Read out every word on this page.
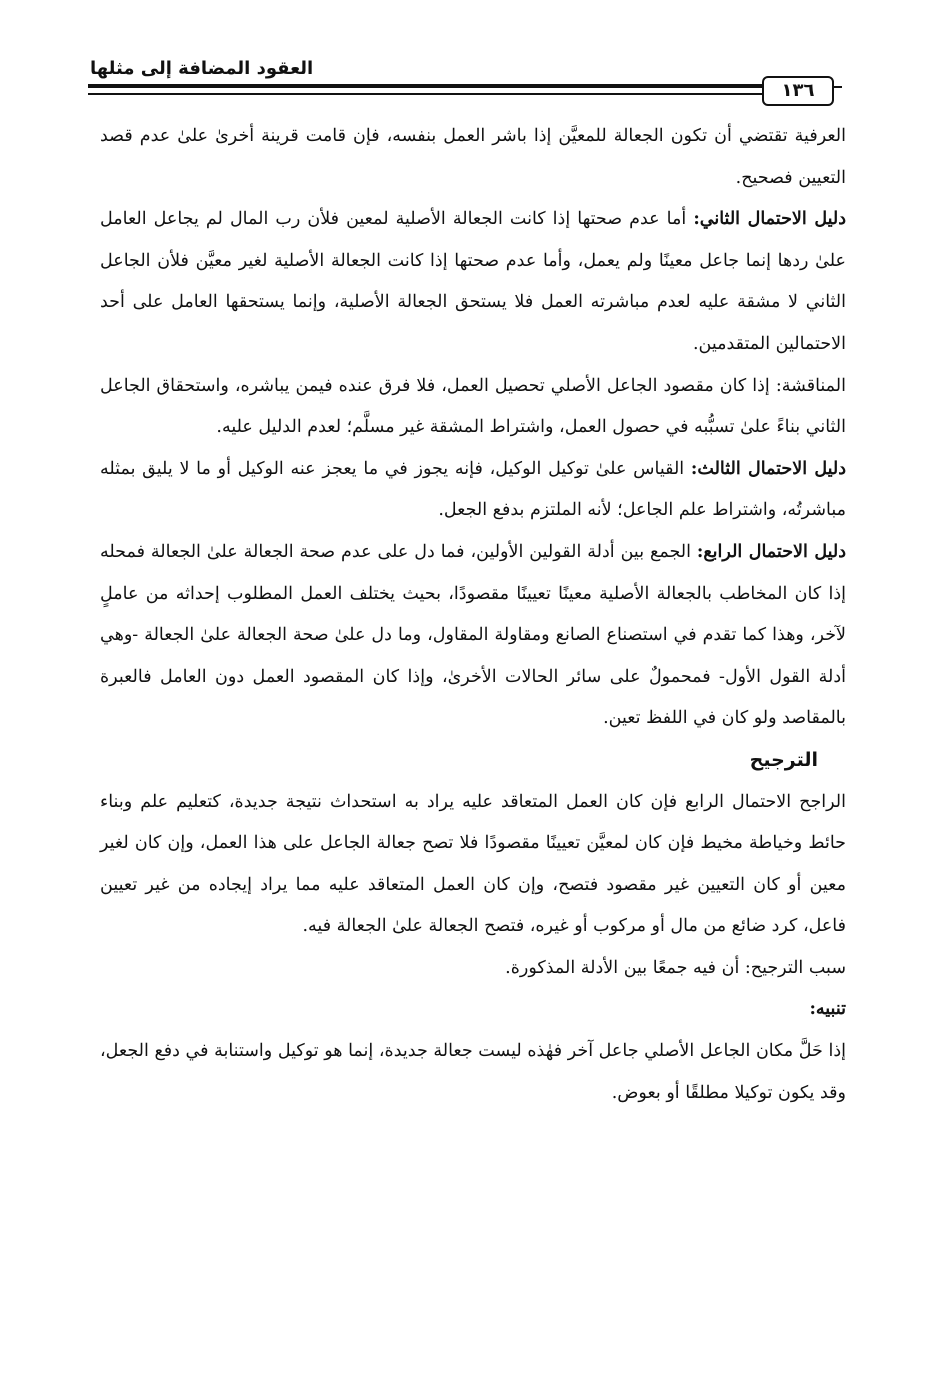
العقود المضافة إلى مثلها
١٣٦

العرفية تقتضي أن تكون الجعالة للمعيَّن إذا باشر العمل بنفسه، فإن قامت قرينة أخرىٰ علىٰ عدم قصد التعيين فصحيح.

دليل الاحتمال الثاني: أما عدم صحتها إذا كانت الجعالة الأصلية لمعين فلأن رب المال لم يجاعل العامل علىٰ ردها إنما جاعل معينًا ولم يعمل، وأما عدم صحتها إذا كانت الجعالة الأصلية لغير معيَّن فلأن الجاعل الثاني لا مشقة عليه لعدم مباشرته العمل فلا يستحق الجعالة الأصلية، وإنما يستحقها العامل على أحد الاحتمالين المتقدمين.

المناقشة: إذا كان مقصود الجاعل الأصلي تحصيل العمل، فلا فرق عنده فيمن يباشره، واستحقاق الجاعل الثاني بناءً علىٰ تسبُّبه في حصول العمل، واشتراط المشقة غير مسلَّم؛ لعدم الدليل عليه.

دليل الاحتمال الثالث: القياس علىٰ توكيل الوكيل، فإنه يجوز في ما يعجز عنه الوكيل أو ما لا يليق بمثله مباشرتُه، واشتراط علم الجاعل؛ لأنه الملتزم بدفع الجعل.

دليل الاحتمال الرابع: الجمع بين أدلة القولين الأولين، فما دل على عدم صحة الجعالة علىٰ الجعالة فمحله إذا كان المخاطب بالجعالة الأصلية معينًا تعيينًا مقصودًا، بحيث يختلف العمل المطلوب إحداثه من عاملٍ لآخر، وهذا كما تقدم في استصناع الصانع ومقاولة المقاول، وما دل علىٰ صحة الجعالة علىٰ الجعالة -وهي أدلة القول الأول- فمحمولٌ على سائر الحالات الأخرىٰ، وإذا كان المقصود العمل دون العامل فالعبرة بالمقاصد ولو كان في اللفظ تعين.

الترجيح

الراجح الاحتمال الرابع فإن كان العمل المتعاقد عليه يراد به استحداث نتيجة جديدة، كتعليم علم وبناء حائط وخياطة مخيط فإن كان لمعيَّن تعيينًا مقصودًا فلا تصح جعالة الجاعل على هذا العمل، وإن كان لغير معين أو كان التعيين غير مقصود فتصح، وإن كان العمل المتعاقد عليه مما يراد إيجاده من غير تعيين فاعل، كرد ضائع من مال أو مركوب أو غيره، فتصح الجعالة علىٰ الجعالة فيه.

سبب الترجيح: أن فيه جمعًا بين الأدلة المذكورة.

تنبيه:

إذا حَلَّ مكان الجاعل الأصلي جاعل آخر فهٰذه ليست جعالة جديدة، إنما هو توكيل واستنابة في دفع الجعل، وقد يكون توكيلا مطلقًا أو بعوض.
